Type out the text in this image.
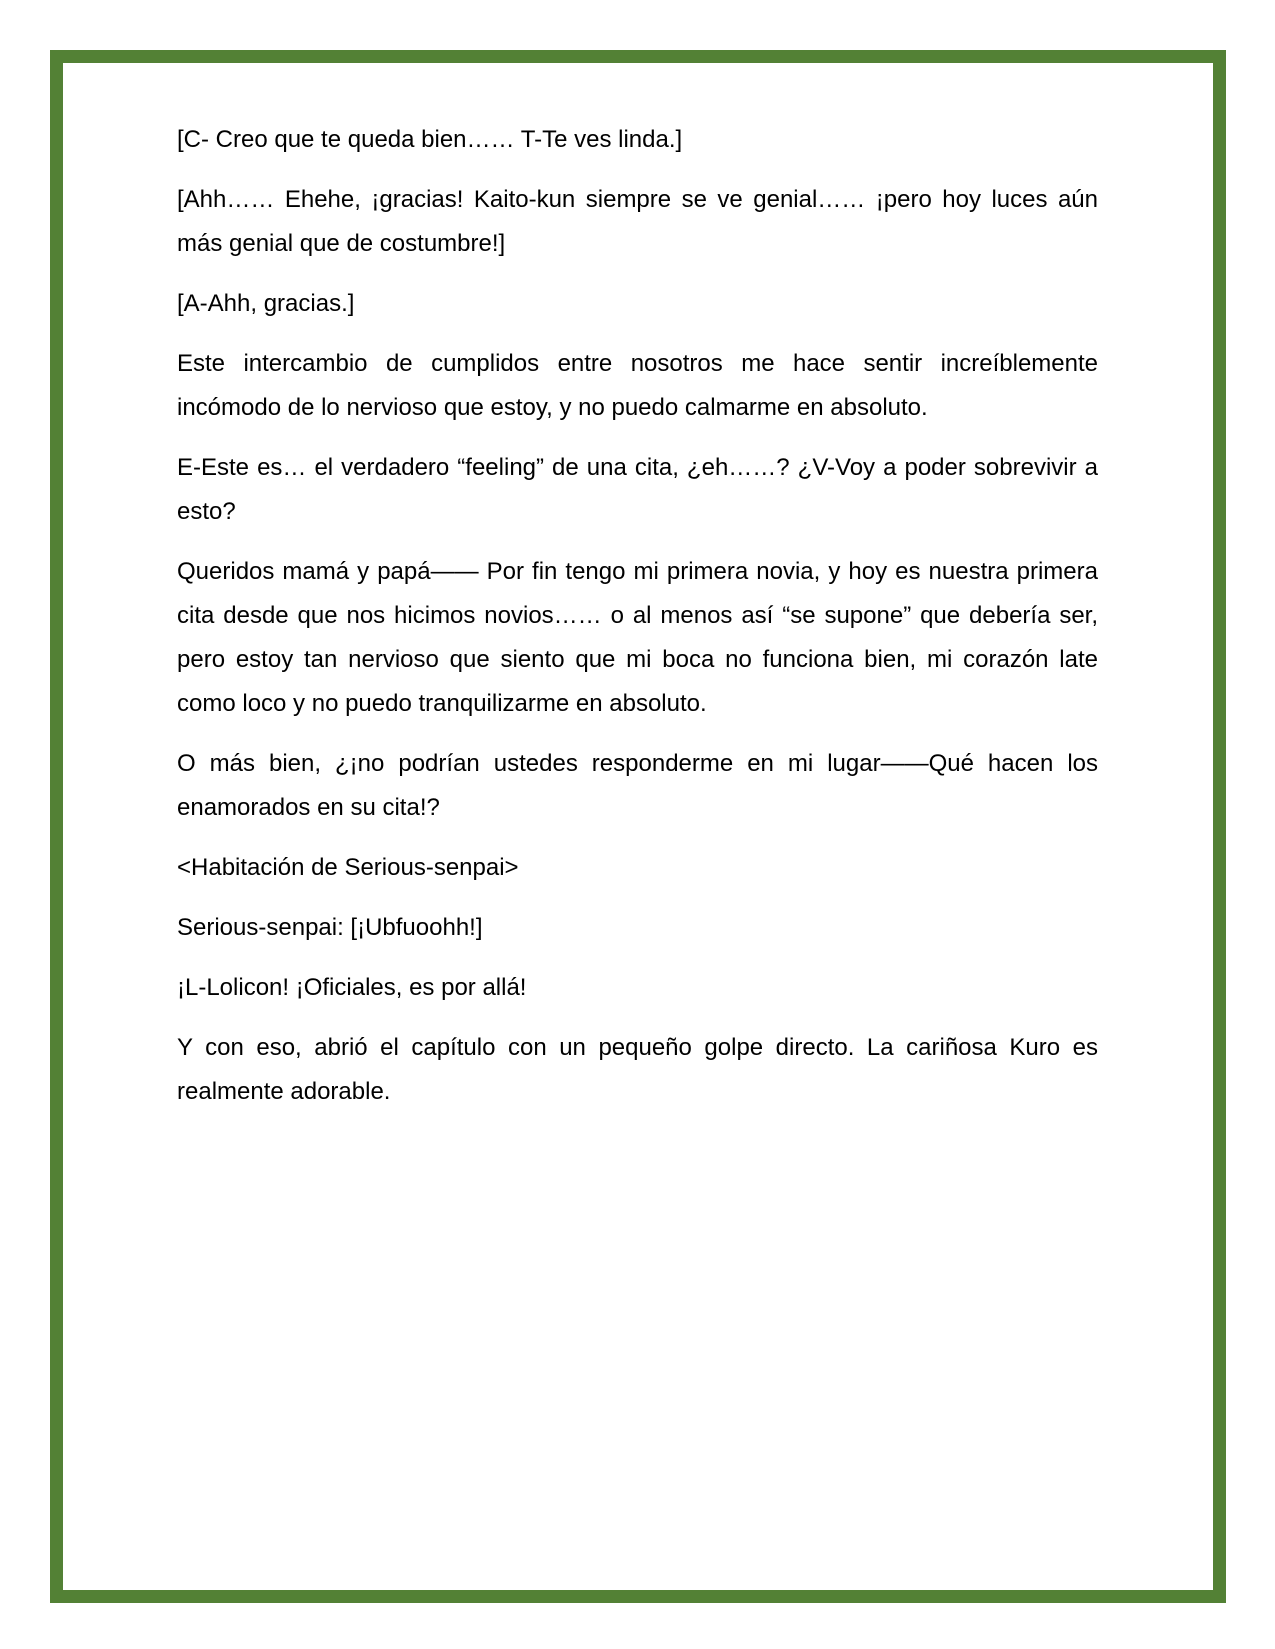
[C- Creo que te queda bien…… T-Te ves linda.]

[Ahh…… Ehehe, ¡gracias! Kaito-kun siempre se ve genial…… ¡pero hoy luces aún más genial que de costumbre!]

[A-Ahh, gracias.]

Este intercambio de cumplidos entre nosotros me hace sentir increíblemente incómodo de lo nervioso que estoy, y no puedo calmarme en absoluto.

E-Este es… el verdadero “feeling” de una cita, ¿eh……? ¿V-Voy a poder sobrevivir a esto?

Queridos mamá y papá—— Por fin tengo mi primera novia, y hoy es nuestra primera cita desde que nos hicimos novios…… o al menos así “se supone” que debería ser, pero estoy tan nervioso que siento que mi boca no funciona bien, mi corazón late como loco y no puedo tranquilizarme en absoluto.

O más bien, ¿¡no podrían ustedes responderme en mi lugar——Qué hacen los enamorados en su cita!?

<Habitación de Serious-senpai>

Serious-senpai: [¡Ubfuoohh!]

¡L-Lolicon! ¡Oficiales, es por allá!

Y con eso, abrió el capítulo con un pequeño golpe directo. La cariñosa Kuro es realmente adorable.
